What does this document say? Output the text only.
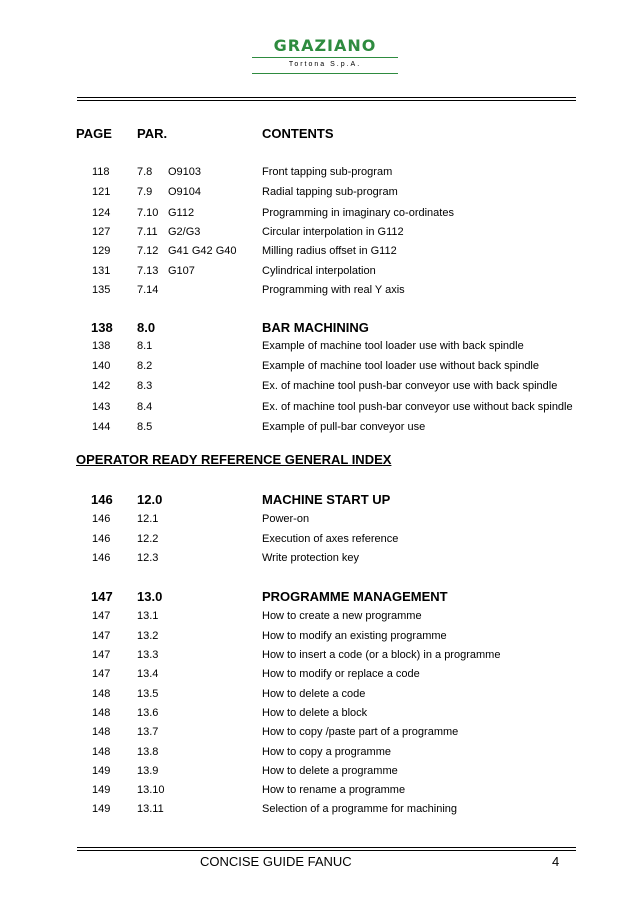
GRAZIANO
Tortona S.p.A.
PAGE PAR.	CONTENTS
118 7.8 O9103	Front tapping sub-program
121 7.9 O9104	Radial tapping sub-program
124 7.10 G112	Programming in imaginary co-ordinates
127 7.11 G2/G3	Circular interpolation in G112
129 7.12 G41 G42 G40 Milling radius offset in G112
131 7.13 G107	Cylindrical interpolation
135 7.14	Programming with real Y axis
138 8.0	BAR MACHINING
138 8.1	Example of machine tool loader use with back spindle
140 8.2	Example of machine tool loader use without back spindle
142 8.3	Ex. of machine tool push-bar conveyor use with back spindle
143 8.4	Ex. of machine tool push-bar conveyor use without back spindle
144 8.5	Example of pull-bar conveyor use
146 12.0	MACHINE START UP
146 12.1	Power-on
146 12.2	Execution of axes reference
146 12.3	Write protection key
147 13.0	PROGRAMME MANAGEMENT
147 13.1	How to create a new programme
147 13.2	How to modify an existing programme
147 13.3	How to insert a code (or a block) in a programme
147 13.4	How to modify or replace a code
148 13.5	How to delete a code
148 13.6	How to delete a block
148 13.7	How to copy /paste part of a programme
148 13.8	How to copy a programme
149 13.9	How to delete a programme
149 13.10	How to rename a programme
149 13.11	Selection of a programme for machining
OPERATOR READY REFERENCE GENERAL INDEX
CONCISE GUIDE FANUC	4
